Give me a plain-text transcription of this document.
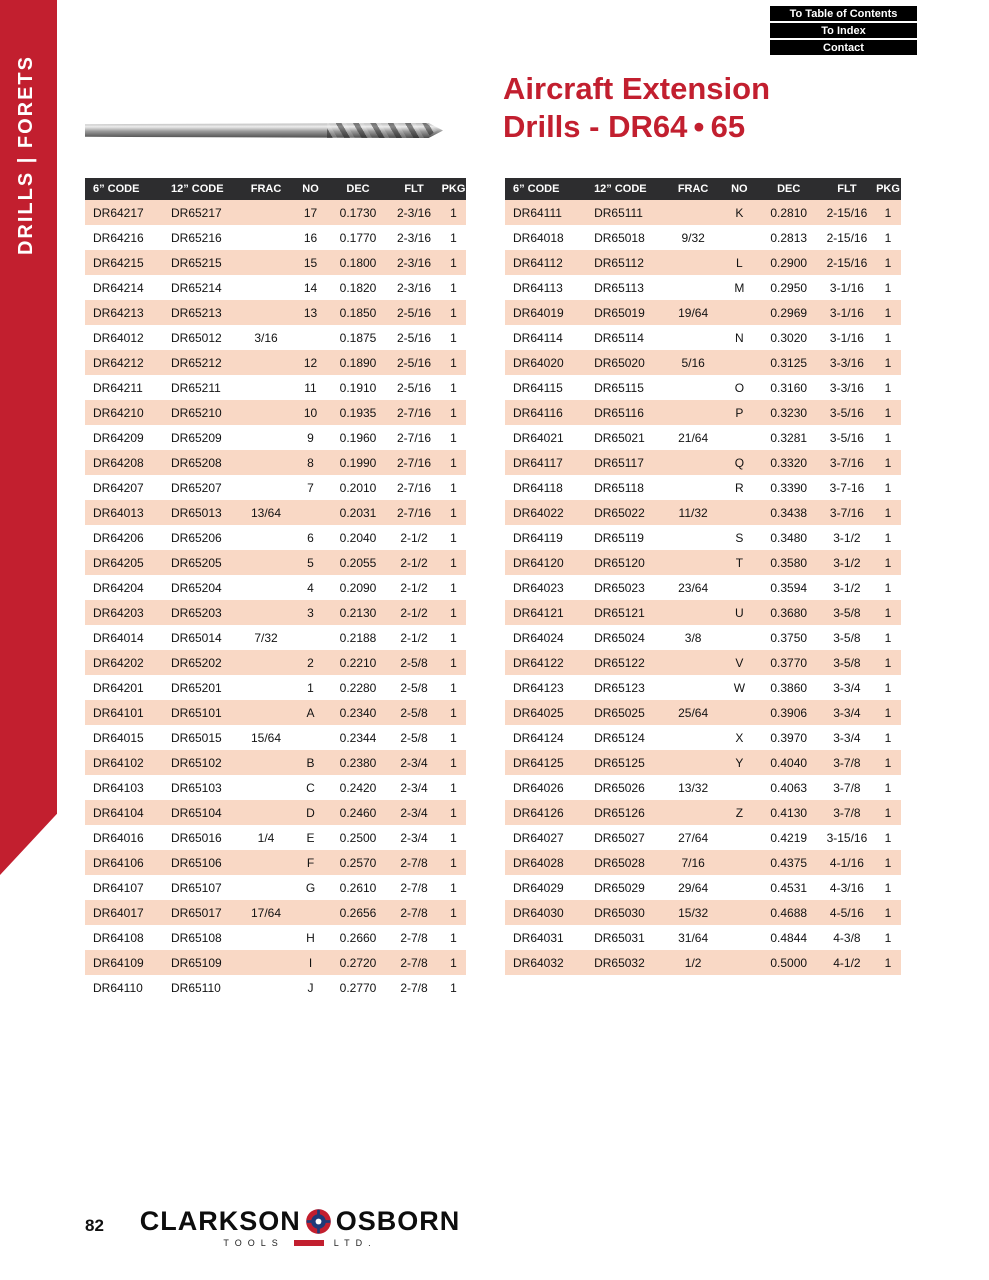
DRILLS | FORETS
To Table of Contents
To Index
Contact
Aircraft Extension
Drills - DR64 • 65
6” CODE	12” CODE	FRAC	NO	DEC	FLT	PKG
DR64217	DR65217		17	0.1730	2-3/16	1
DR64216	DR65216		16	0.1770	2-3/16	1
DR64215	DR65215		15	0.1800	2-3/16	1
DR64214	DR65214		14	0.1820	2-3/16	1
DR64213	DR65213		13	0.1850	2-5/16	1
DR64012	DR65012	3/16		0.1875	2-5/16	1
DR64212	DR65212		12	0.1890	2-5/16	1
DR64211	DR65211		11	0.1910	2-5/16	1
DR64210	DR65210		10	0.1935	2-7/16	1
DR64209	DR65209		9	0.1960	2-7/16	1
DR64208	DR65208		8	0.1990	2-7/16	1
DR64207	DR65207		7	0.2010	2-7/16	1
DR64013	DR65013	13/64		0.2031	2-7/16	1
DR64206	DR65206		6	0.2040	2-1/2	1
DR64205	DR65205		5	0.2055	2-1/2	1
DR64204	DR65204		4	0.2090	2-1/2	1
DR64203	DR65203		3	0.2130	2-1/2	1
DR64014	DR65014	7/32		0.2188	2-1/2	1
DR64202	DR65202		2	0.2210	2-5/8	1
DR64201	DR65201		1	0.2280	2-5/8	1
DR64101	DR65101		A	0.2340	2-5/8	1
DR64015	DR65015	15/64		0.2344	2-5/8	1
DR64102	DR65102		B	0.2380	2-3/4	1
DR64103	DR65103		C	0.2420	2-3/4	1
DR64104	DR65104		D	0.2460	2-3/4	1
DR64016	DR65016	1/4	E	0.2500	2-3/4	1
DR64106	DR65106		F	0.2570	2-7/8	1
DR64107	DR65107		G	0.2610	2-7/8	1
DR64017	DR65017	17/64		0.2656	2-7/8	1
DR64108	DR65108		H	0.2660	2-7/8	1
DR64109	DR65109		I	0.2720	2-7/8	1
DR64110	DR65110		J	0.2770	2-7/8	1
6” CODE	12” CODE	FRAC	NO	DEC	FLT	PKG
DR64111	DR65111		K	0.2810	2-15/16	1
DR64018	DR65018	9/32		0.2813	2-15/16	1
DR64112	DR65112		L	0.2900	2-15/16	1
DR64113	DR65113		M	0.2950	3-1/16	1
DR64019	DR65019	19/64		0.2969	3-1/16	1
DR64114	DR65114		N	0.3020	3-1/16	1
DR64020	DR65020	5/16		0.3125	3-3/16	1
DR64115	DR65115		O	0.3160	3-3/16	1
DR64116	DR65116		P	0.3230	3-5/16	1
DR64021	DR65021	21/64		0.3281	3-5/16	1
DR64117	DR65117		Q	0.3320	3-7/16	1
DR64118	DR65118		R	0.3390	3-7-16	1
DR64022	DR65022	11/32		0.3438	3-7/16	1
DR64119	DR65119		S	0.3480	3-1/2	1
DR64120	DR65120		T	0.3580	3-1/2	1
DR64023	DR65023	23/64		0.3594	3-1/2	1
DR64121	DR65121		U	0.3680	3-5/8	1
DR64024	DR65024	3/8		0.3750	3-5/8	1
DR64122	DR65122		V	0.3770	3-5/8	1
DR64123	DR65123		W	0.3860	3-3/4	1
DR64025	DR65025	25/64		0.3906	3-3/4	1
DR64124	DR65124		X	0.3970	3-3/4	1
DR64125	DR65125		Y	0.4040	3-7/8	1
DR64026	DR65026	13/32		0.4063	3-7/8	1
DR64126	DR65126		Z	0.4130	3-7/8	1
DR64027	DR65027	27/64		0.4219	3-15/16	1
DR64028	DR65028	7/16		0.4375	4-1/16	1
DR64029	DR65029	29/64		0.4531	4-3/16	1
DR64030	DR65030	15/32		0.4688	4-5/16	1
DR64031	DR65031	31/64		0.4844	4-3/8	1
DR64032	DR65032	1/2		0.5000	4-1/2	1
82 CLARKSON OSBORN
TOOLS	LTD.
